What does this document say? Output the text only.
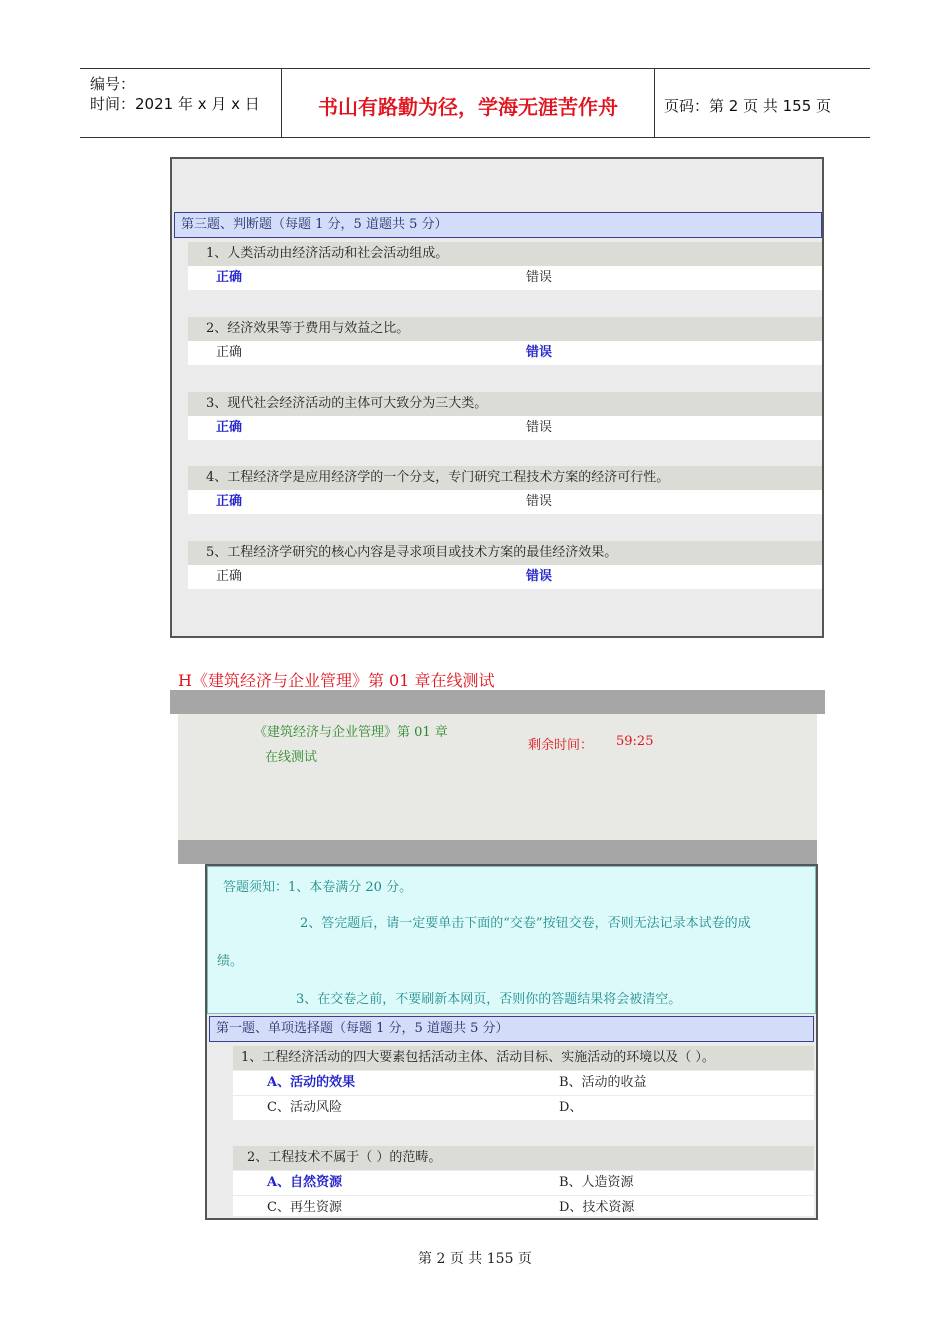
编号：
时间：2021 年 x 月 x 日	书山有路勤为径，学海无涯苦作舟	页码：第 2 页 共 155 页
第三题、判断题（每题 1 分，5 道题共 5 分）
1、人类活动由经济活动和社会活动组成。
正确	错误
2、经济效果等于费用与效益之比。
正确	错误
3、现代社会经济活动的主体可大致分为三大类。
正确	错误
4、工程经济学是应用经济学的一个分支，专门研究工程技术方案的经济可行性。
正确	错误
5、工程经济学研究的核心内容是寻求项目或技术方案的最佳经济效果。
正确	错误
H《建筑经济与企业管理》第 01 章在线测试
《建筑经济与企业管理》第 01 章
在线测试
剩余时间： 59:25
答题须知：1、本卷满分 20 分。
2、答完题后，请一定要单击下面的“交卷”按钮交卷，否则无法记录本试卷的成
绩。
3、在交卷之前，不要刷新本网页，否则你的答题结果将会被清空。
第一题、单项选择题（每题 1 分，5 道题共 5 分）
1、工程经济活动的四大要素包括活动主体、活动目标、实施活动的环境以及（ ）。
A、活动的效果	B、活动的收益
C、活动风险	D、
2、工程技术不属于（ ）的范畴。
A、自然资源	B、人造资源
C、再生资源	D、技术资源
第 2 页 共 155 页
